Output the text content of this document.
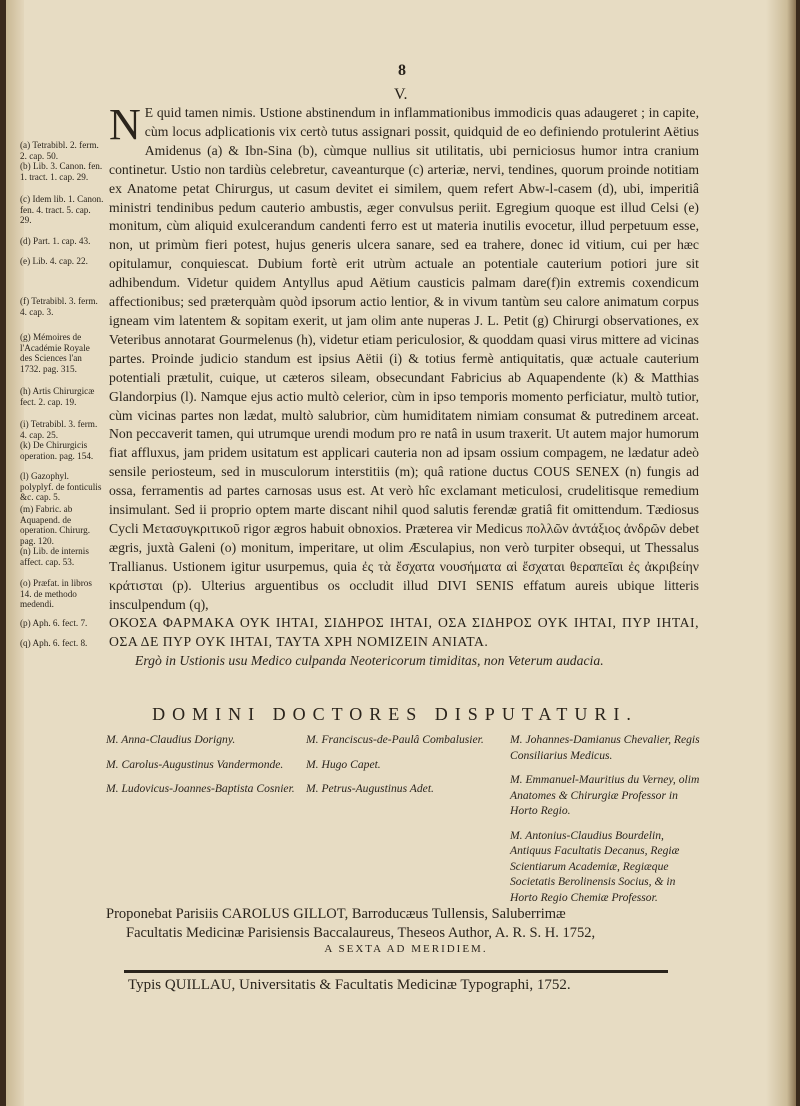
8
V.
(a) Tetrabibl. 2. ferm. 2. cap. 50.
(b) Lib. 3. Canon. fen. 1. tract. 1. cap. 29.
(c) Idem lib. 1. Canon. fen. 4. tract. 5. cap. 29.
(d) Part. 1. cap. 43.
(e) Lib. 4. cap. 22.
(f) Tetrabibl. 3. ferm. 4. cap. 3.
(g) Mémoires de l'Académie Royale des Sciences l'an 1732. pag. 315.
(h) Artis Chirurgicæ fect. 2. cap. 19.
(i) Tetrabibl. 3. ferm. 4. cap. 25.
(k) De Chirurgicis operation. pag. 154.
(l) Gazophyl. polyplyf. de fonticulis &c. cap. 5.
(m) Fabric. ab Aquapend. de operation. Chirurg. pag. 120.
(n) Lib. de internis affect. cap. 53.
(o) Præfat. in libros 14. de methodo medendi.
(p) Aph. 6. fect. 7.
(q) Aph. 6. fect. 8.

N E quid tamen nimis. Ustione abstinendum in inflammationibus immodicis quas adaugeret ; in capite, cùm locus adplicationis vix certò tutus assignari possit, quidquid de eo definiendo protulerint Aëtius Amidenus (a) & Ibn-Sina (b), cùmque nullius sit utilitatis, ubi perniciosus humor intra cranium continetur. Ustio non tardiùs celebretur, caveanturque (c) arteriæ, nervi, tendines, quorum proinde notitiam ex Anatome petat Chirurgus, ut casum devitet ei similem, quem refert Abw-l-casem (d), ubi, imperitiâ ministri tendinibus pedum cauterio ambustis, æger convulsus periit. Egregium quoque est illud Celsi (e) monitum, cùm aliquid exulcerandum candenti ferro est ut materia inutilis evocetur, illud perpetuum esse, non, ut primùm fieri potest, hujus generis ulcera sanare, sed ea trahere, donec id vitium, cui per hæc opitulamur, conquiescat. Dubium fortè erit utrùm actuale an potentiale cauterium potiori jure sit adhibendum. Videtur quidem Antyllus apud Aëtium causticis palmam dare(f)in extremis coxendicum affectionibus; sed præterquàm quòd ipsorum actio lentior, & in vivum tantùm seu calore animatum corpus igneam vim latentem & sopitam exerit, ut jam olim ante nuperas J. L. Petit (g) Chirurgi observationes, ex Veteribus annotarat Gourmelenus (h), videtur etiam periculosior, & quoddam quasi virus mittere ad vicinas partes. Proinde judicio standum est ipsius Aëtii (i) & totius fermè antiquitatis, quæ actuale cauterium potentiali prætulit, cuique, ut cæteros sileam, obsecundant Fabricius ab Aquapendente (k) & Matthias Glandorpius (l). Namque ejus actio multò celerior, cùm in ipso temporis momento perficiatur, multò tutior, cùm vicinas partes non lædat, multò salubrior, cùm humiditatem nimiam consumat & putredinem arceat. Non peccaverit tamen, qui utrumque urendi modum pro re natâ in usum traxerit. Ut autem major humorum fiat affluxus, jam pridem usitatum est applicari cauteria non ad ipsam ossium compagem, ne lædatur adeò sensile periosteum, sed in musculorum interstitiis (m); quâ ratione ductus COUS SENEX (n) fungis ad ossa, ferramentis ad partes carnosas usus est. At verò hîc exclamant meticulosi, crudelitisque remedium insimulant. Sed ii proprio optem marte discant nihil quod salutis ferendæ gratiâ fit omittendum. Tædiosus Cycli Μετασυγκριτικοῦ rigor ægros habuit obnoxios. Præterea vir Medicus πολλῶν ἀντάξιος ἀνδρῶν debet ægris, juxtà Galeni (o) monitum, imperitare, ut olim Æsculapius, non verò turpiter obsequi, ut Thessalus Trallianus. Ustionem igitur usurpemus, quia ἐς τὰ ἔσχατα νουσήματα αἱ ἔσχαται θεραπεῖαι ἐς ἀκριβείην κράτισται (p). Ulterius arguentibus os occludit illud DIVI SENIS effatum aureis ubique litteris insculpendum (q),
ΟΚΟΣΑ ΦΑΡΜΑΚΑ ΟΥΚ ΙΗΤΑΙ, ΣΙΔΗΡΟΣ ΙΗΤΑΙ, ΟΣΑ ΣΙΔΗΡΟΣ ΟΥΚ ΙΗΤΑΙ, ΠΥΡ ΙΗΤΑΙ, ΟΣΑ ΔΕ ΠΥΡ ΟΥΚ ΙΗΤΑΙ, ΤΑΥΤΑ ΧΡΗ ΝΟΜΙΖΕΙΝ ΑΝΙΑΤΑ.

Ergò in Ustionis usu Medico culpanda Neotericorum timiditas, non Veterum audacia.

DOMINI DOCTORES DISPUTATURI.
M. Anna-Claudius Dorigny.
M. Carolus-Augustinus Vandermonde.
M. Ludovicus-Joannes-Baptista Cosnier.
M. Franciscus-de-Paulâ Combalusier.
M. Hugo Capet.
M. Petrus-Augustinus Adet.
M. Johannes-Damianus Chevalier, Regis Consiliarius Medicus.
M. Emmanuel-Mauritius du Verney, olim Anatomes & Chirurgiæ Professor in Horto Regio.
M. Antonius-Claudius Bourdelin, Antiquus Facultatis Decanus, Regiæ Scientiarum Academiæ, Regiæque Societatis Berolinensis Socius, & in Horto Regio Chemiæ Professor.
Proponebat Parisiis CAROLUS GILLOT, Barroducæus Tullensis, Saluberrimæ
Facultatis Medicinæ Parisiensis Baccalaureus, Theseos Author, A. R. S. H. 1752,
A SEXTA AD MERIDIEM.
Typis QUILLAU, Universitatis & Facultatis Medicinæ Typographi, 1752.
